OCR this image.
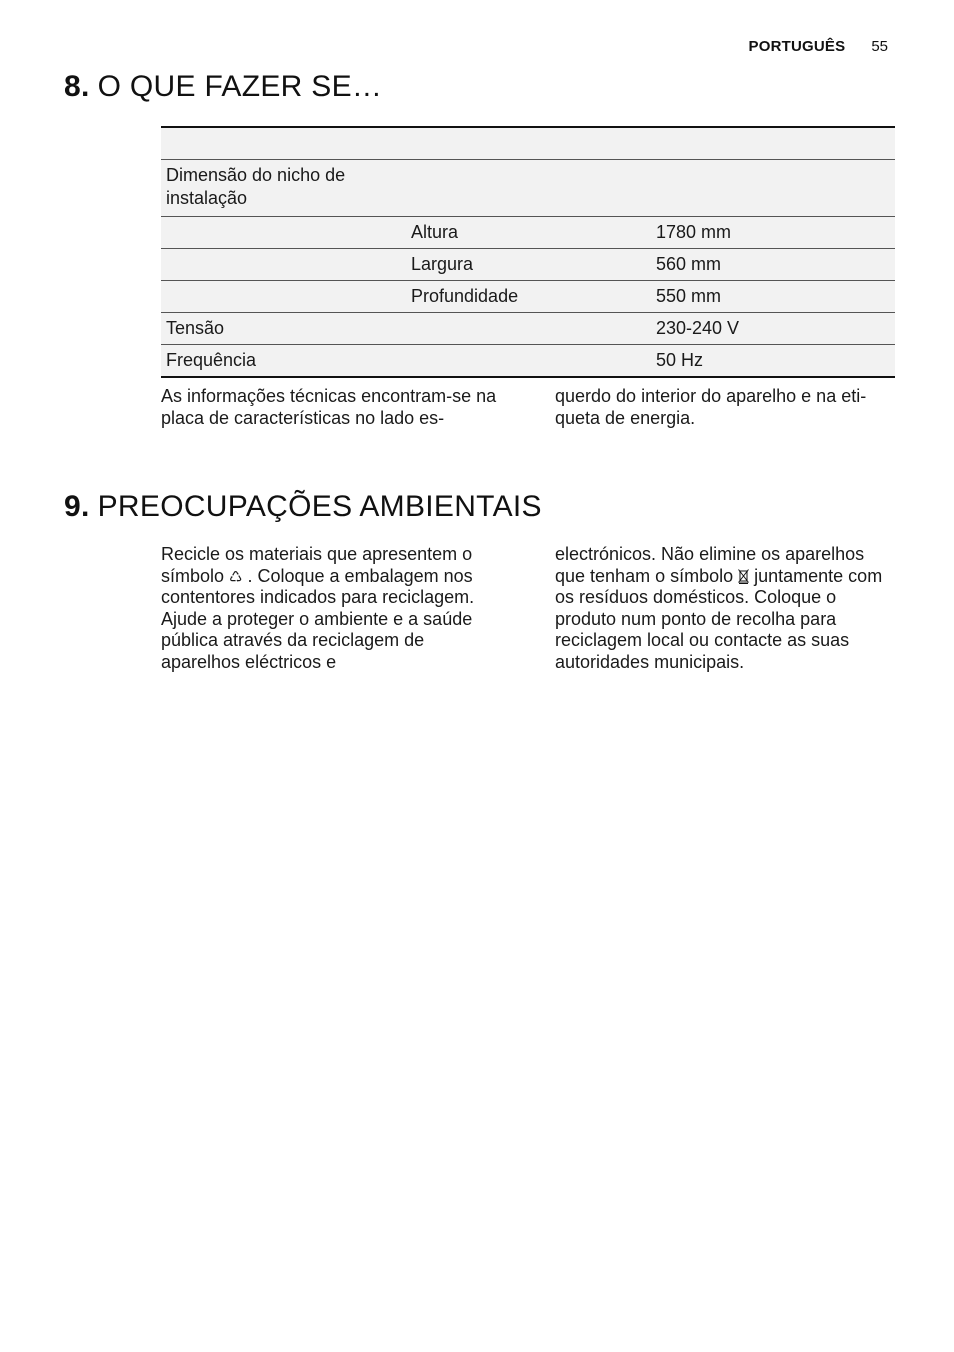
PORTUGUÊS 55
8. O QUE FAZER SE…

Dimensão do nicho de instalação		
	Altura	1780 mm
	Largura	560 mm
	Profundidade	550 mm
Tensão		230-240 V
Frequência		50 Hz

As informações técnicas encontram-se na placa de características no lado es-

querdo do interior do aparelho e na eti- queta de energia.

9. PREOCUPAÇÕES AMBIENTAIS

Recicle os materiais que apresentem o símbolo ♺ . Coloque a embalagem nos contentores indicados para reciclagem.

Ajude a proteger o ambiente e a saúde pública através da reciclagem de aparelhos eléctricos e

electrónicos. Não elimine os aparelhos que tenham o símbolo  juntamente com os resíduos domésticos. Coloque o produto num ponto de recolha para reciclagem local ou contacte as suas autoridades municipais.
